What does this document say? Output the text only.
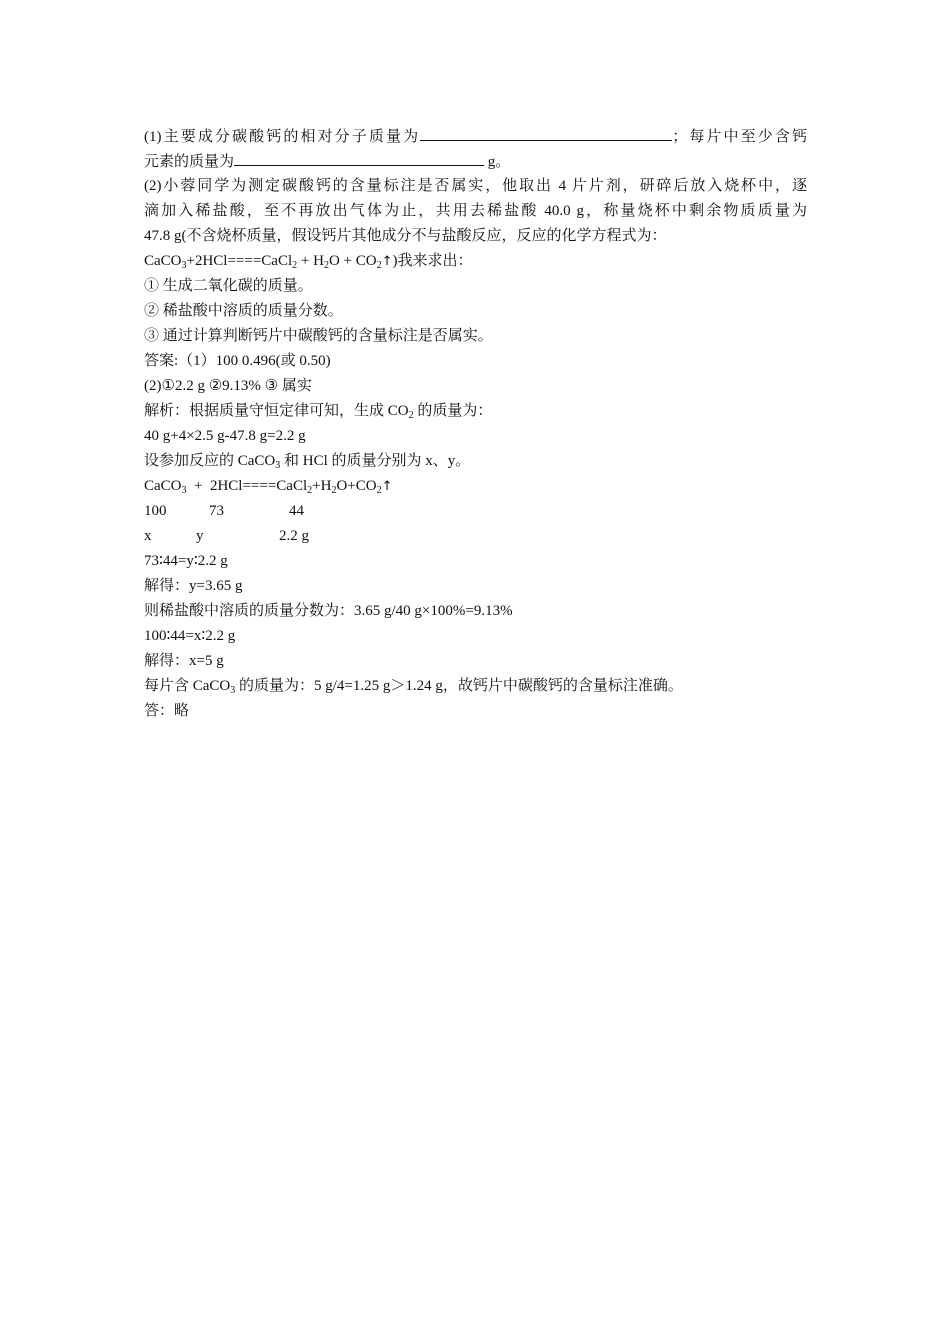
(1)主要成分碳酸钙的相对分子质量为	；每片中至少含钙
元素的质量为	g。
(2)小蓉同学为测定碳酸钙的含量标注是否属实，他取出 4 片片剂，研碎后放入烧杯中，逐
滴加入稀盐酸，至不再放出气体为止，共用去稀盐酸 40.0 g，称量烧杯中剩余物质质量为
47.8 g(不含烧杯质量，假设钙片其他成分不与盐酸反应，反应的化学方程式为：
CaCO$_3$+2HCl====CaCl$_2$ + $H_2O$ + $CO_2↑$)我来求出：
① 生成二氧化碳的质量。
② 稀盐酸中溶质的质量分数。
③ 通过计算判断钙片中碳酸钙的含量标注是否属实。
答案:（1）100 0.496(或 0.50)
(2)①2.2 g ②9.13% ③ 属实
解析：根据质量守恒定律可知，生成 $CO_2$ 的质量为：
40 g+4×2.5 g-47.8 g=2.2 g
设参加反应的 CaCO$_3$ 和 HCl 的质量分别为 x、y。
CaCO$_3$  +  $2HCl====CaCl_2+H_2O+CO_2↑$
100	73	44
x	y	2.2 g
73∶44=y∶2.2 g
解得：y=3.65 g
则稀盐酸中溶质的质量分数为：3.65 g/40 g×100%=9.13%
100∶44=x∶2.2 g
解得：x=5 g
每片含 CaCO$_3$ 的质量为：5 g/4=1.25 g＞1.24 g，故钙片中碳酸钙的含量标注准确。
答：略
